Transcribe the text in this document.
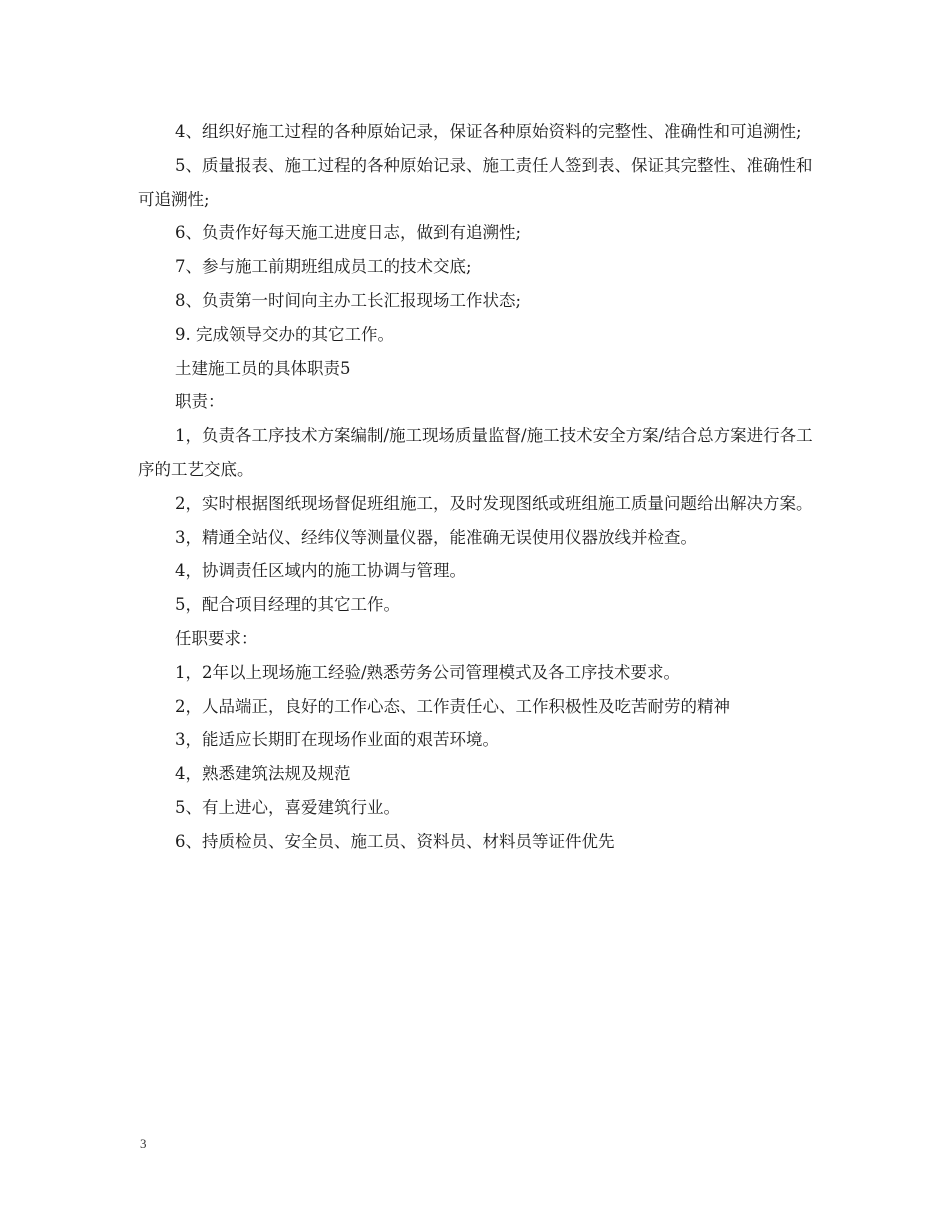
4、组织好施工过程的各种原始记录，保证各种原始资料的完整性、准确性和可追溯性;

5、质量报表、施工过程的各种原始记录、施工责任人签到表、保证其完整性、准确性和可追溯性;

6、负责作好每天施工进度日志，做到有追溯性;

7、参与施工前期班组成员工的技术交底;

8、负责第一时间向主办工长汇报现场工作状态;

9. 完成领导交办的其它工作。

土建施工员的具体职责5

职责：

1，负责各工序技术方案编制/施工现场质量监督/施工技术安全方案/结合总方案进行各工序的工艺交底。

2，实时根据图纸现场督促班组施工，及时发现图纸或班组施工质量问题给出解决方案。

3，精通全站仪、经纬仪等测量仪器，能准确无误使用仪器放线并检查。

4，协调责任区域内的施工协调与管理。

5，配合项目经理的其它工作。

任职要求：

1，2年以上现场施工经验/熟悉劳务公司管理模式及各工序技术要求。

2，人品端正，良好的工作心态、工作责任心、工作积极性及吃苦耐劳的精神

3，能适应长期盯在现场作业面的艰苦环境。

4，熟悉建筑法规及规范

5、有上进心，喜爱建筑行业。

6、持质检员、安全员、施工员、资料员、材料员等证件优先

3
